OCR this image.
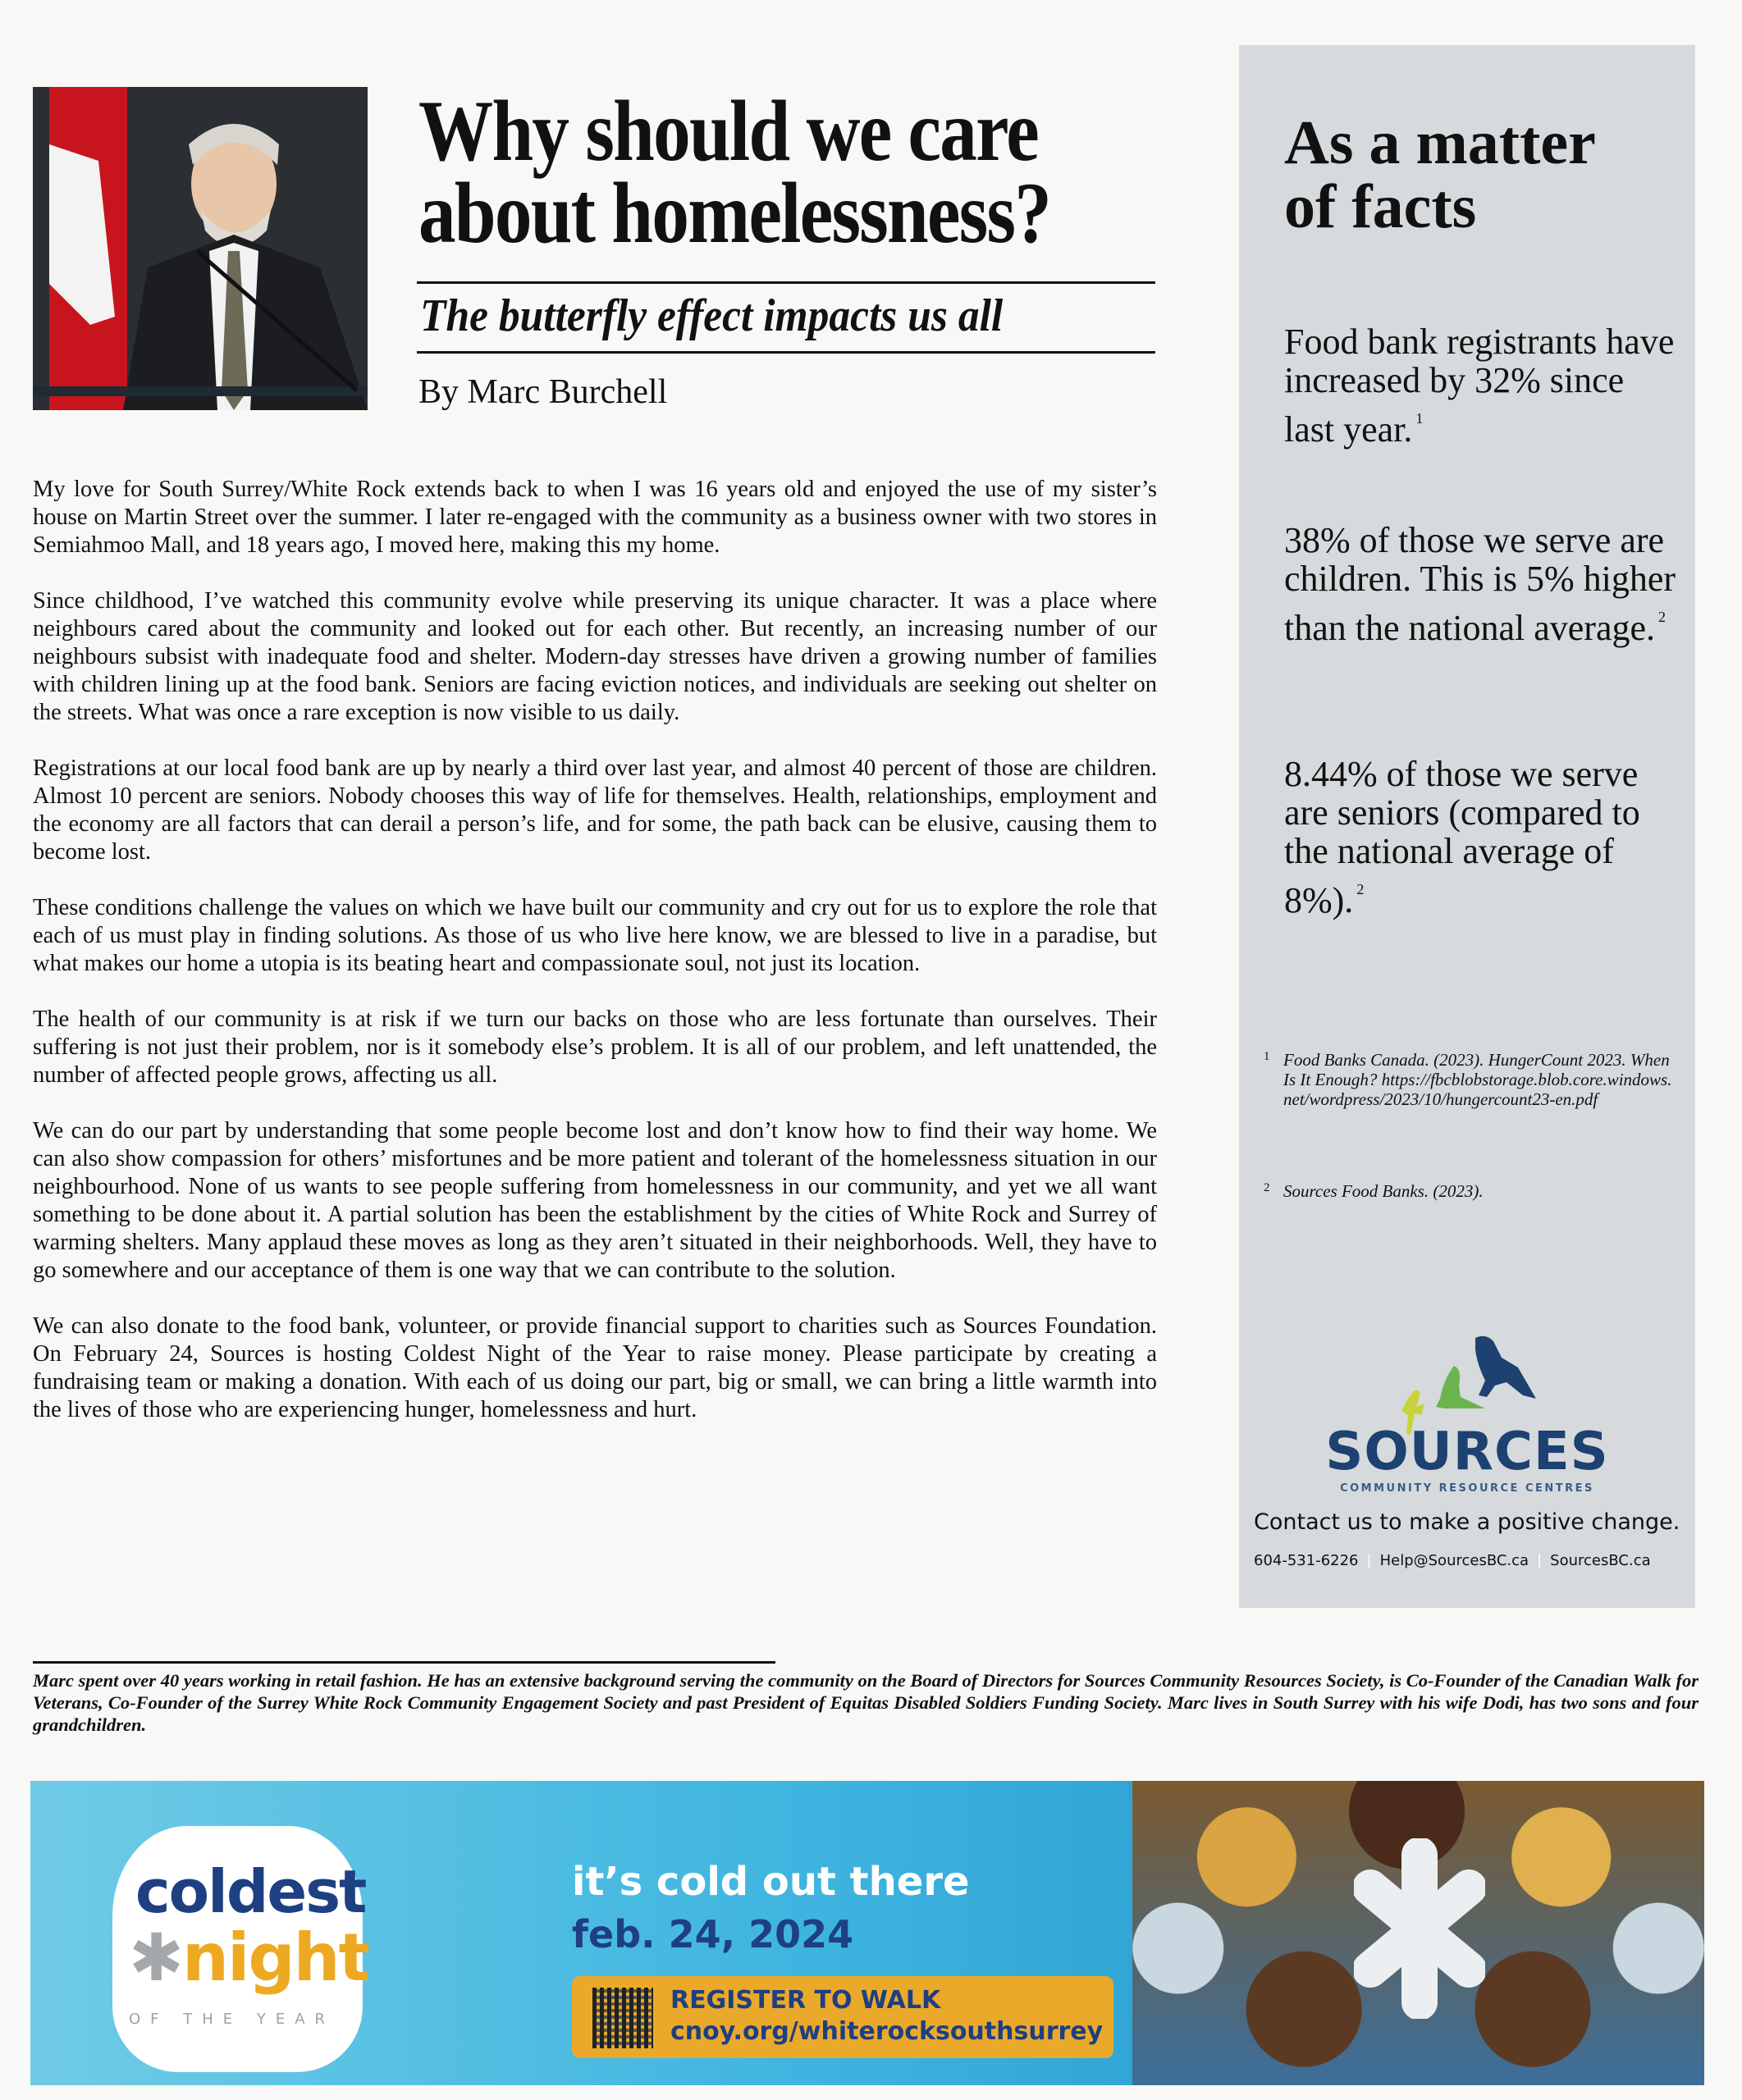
Why should we care
about homelessness?
The butterfly effect impacts us all
By Marc Burchell

My love for South Surrey/White Rock extends back to when I was 16 years old and enjoyed the use of my sister’s house on Martin Street over the summer. I later re-engaged with the community as a business owner with two stores in Semiahmoo Mall, and 18 years ago, I moved here, making this my home.

Since childhood, I’ve watched this community evolve while preserving its unique character. It was a place where neighbours cared about the community and looked out for each other. But recently, an increasing number of our neighbours subsist with inadequate food and shelter. Modern-day stresses have driven a growing number of families with children lining up at the food bank. Seniors are facing eviction notices, and individuals are seeking out shelter on the streets. What was once a rare exception is now visible to us daily.

Registrations at our local food bank are up by nearly a third over last year, and almost 40 percent of those are children. Almost 10 percent are seniors. Nobody chooses this way of life for themselves. Health, relationships, employment and the economy are all factors that can derail a person’s life, and for some, the path back can be elusive, causing them to become lost.

These conditions challenge the values on which we have built our community and cry out for us to explore the role that each of us must play in finding solutions. As those of us who live here know, we are blessed to live in a paradise, but what makes our home a utopia is its beating heart and compassionate soul, not just its location.

The health of our community is at risk if we turn our backs on those who are less fortunate than ourselves. Their suffering is not just their problem, nor is it somebody else’s problem. It is all of our problem, and left unattended, the number of affected people grows, affecting us all.

We can do our part by understanding that some people become lost and don’t know how to find their way home. We can also show compassion for others’ misfortunes and be more patient and tolerant of the homelessness situation in our neighbourhood. None of us wants to see people suffering from homelessness in our community, and yet we all want something to be done about it. A partial solution has been the establishment by the cities of White Rock and Surrey of warming shelters. Many applaud these moves as long as they aren’t situated in their neighborhoods. Well, they have to go somewhere and our acceptance of them is one way that we can contribute to the solution.

We can also donate to the food bank, volunteer, or provide financial support to charities such as Sources Foundation. On February 24, Sources is hosting Coldest Night of the Year to raise money. Please participate by creating a fundraising team or making a donation. With each of us doing our part, big or small, we can bring a little warmth into the lives of those who are experiencing hunger, homelessness and hurt.

As a matter
of facts
Food bank registrants have increased by 32% since last year. $^1$
38% of those we serve are children. This is 5% higher than the national average. $^2$
8.44% of those we serve are seniors (compared to the national average of 8%). $^2$
1 Food Banks Canada. (2023). HungerCount 2023. When Is It Enough? https://fbcblobstorage.blob.core.windows.net/wordpress/2023/10/hungercount23-en.pdf
2 Sources Food Banks. (2023).
SOURCES
COMMUNITY RESOURCE CENTRES
Contact us to make a positive change.
604-531-6226 | Help@SourcesBC.ca | SourcesBC.ca
Marc spent over 40 years working in retail fashion. He has an extensive background serving the community on the Board of Directors for Sources Community Resources Society, is Co-Founder of the Canadian Walk for Veterans, Co-Founder of the Surrey White Rock Community Engagement Society and past President of Equitas Disabled Soldiers Funding Society. Marc lives in South Surrey with his wife Dodi, has two sons and four grandchildren.
coldest
✱night
OF THE YEAR
it’s cold out there
feb. 24, 2024
REGISTER TO WALK
cnoy.org/whiterocksouthsurrey
